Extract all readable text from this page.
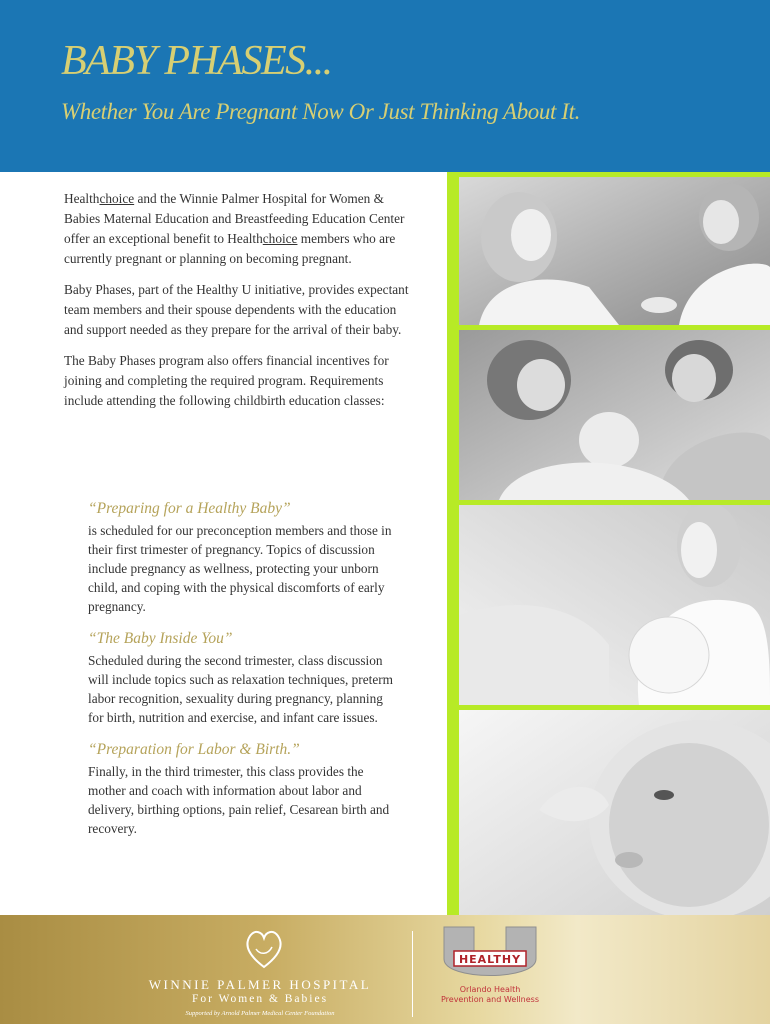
BABY PHASES...
Whether You Are Pregnant Now Or Just Thinking About It.

Healthchoice and the Winnie Palmer Hospital for Women & Babies Maternal Education and Breastfeeding Education Center offer an exceptional benefit to Healthchoice members who are currently pregnant or planning on becoming pregnant.

Baby Phases, part of the Healthy U initiative, provides expectant team members and their spouse dependents with the education and support needed as they prepare for the arrival of their baby.

The Baby Phases program also offers financial incentives for joining and completing the required program. Requirements include attending the following childbirth education classes:

“Preparing for a Healthy Baby”

is scheduled for our preconception members and those in their first trimester of pregnancy. Topics of discussion include pregnancy as wellness, protecting your unborn child, and coping with the physical discomforts of early pregnancy.

“The Baby Inside You”

Scheduled during the second trimester, class discussion will include topics such as relaxation techniques, preterm labor recognition, sexuality during pregnancy, planning for birth, nutrition and exercise, and infant care issues.

“Preparation for Labor & Birth.”

Finally, in the third trimester, this class provides the mother and coach with information about labor and delivery, birthing options, pain relief, Cesarean birth and recovery.

WINNIE PALMER HOSPITAL
For Women & Babies
Supported by Arnold Palmer Medical Center Foundation
HEALTHY
Orlando Health
Prevention and Wellness
